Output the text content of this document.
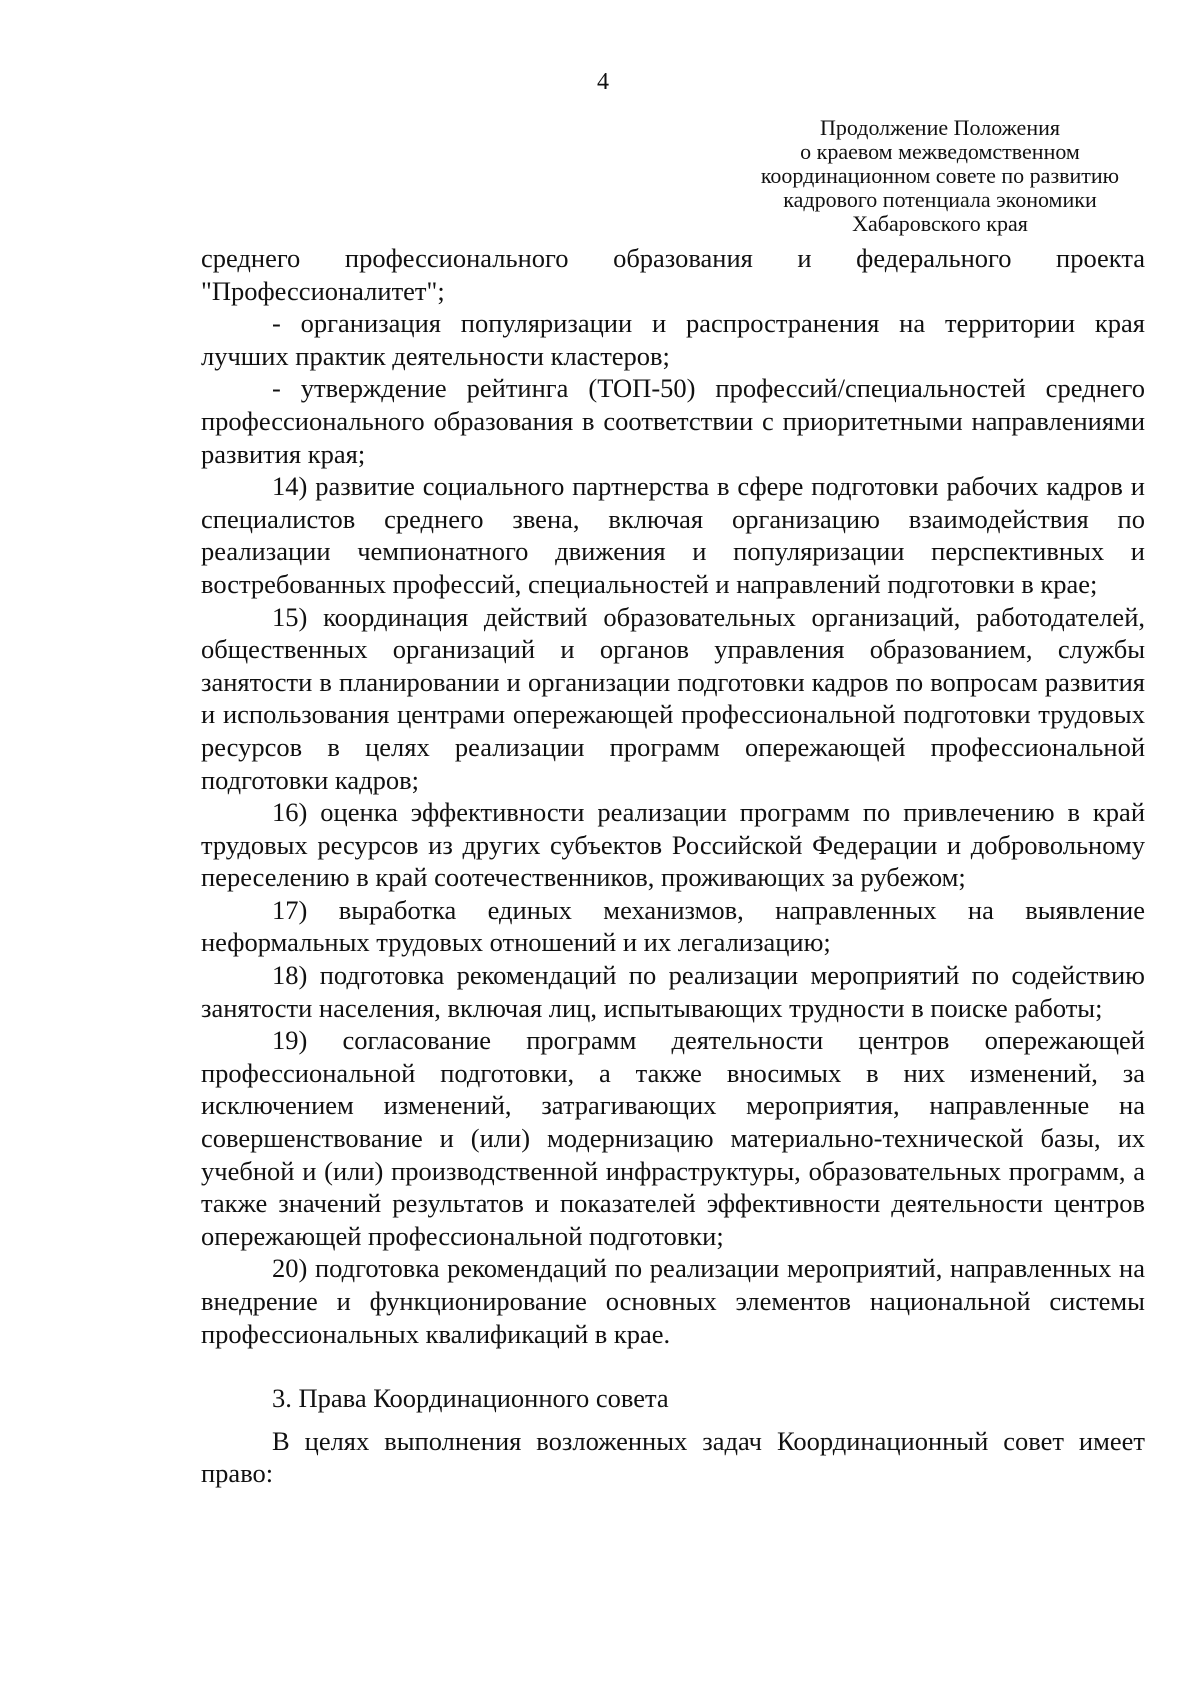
4
Продолжение Положения
о краевом межведомственном
координационном совете по развитию
кадрового потенциала экономики
Хабаровского края

среднего профессионального образования и федерального проекта "Профессионалитет";

- организация популяризации и распространения на территории края лучших практик деятельности кластеров;

- утверждение рейтинга (ТОП-50) профессий/специальностей среднего профессионального образования в соответствии с приоритетными направлениями развития края;

14) развитие социального партнерства в сфере подготовки рабочих кадров и специалистов среднего звена, включая организацию взаимодействия по реализации чемпионатного движения и популяризации перспективных и востребованных профессий, специальностей и направлений подготовки в крае;

15) координация действий образовательных организаций, работодателей, общественных организаций и органов управления образованием, службы занятости в планировании и организации подготовки кадров по вопросам развития и использования центрами опережающей профессиональной подготовки трудовых ресурсов в целях реализации программ опережающей профессиональной подготовки кадров;

16) оценка эффективности реализации программ по привлечению в край трудовых ресурсов из других субъектов Российской Федерации и добровольному переселению в край соотечественников, проживающих за рубежом;

17) выработка единых механизмов, направленных на выявление неформальных трудовых отношений и их легализацию;

18) подготовка рекомендаций по реализации мероприятий по содействию занятости населения, включая лиц, испытывающих трудности в поиске работы;

19) согласование программ деятельности центров опережающей профессиональной подготовки, а также вносимых в них изменений, за исключением изменений, затрагивающих мероприятия, направленные на совершенствование и (или) модернизацию материально-технической базы, их учебной и (или) производственной инфраструктуры, образовательных программ, а также значений результатов и показателей эффективности деятельности центров опережающей профессиональной подготовки;

20) подготовка рекомендаций по реализации мероприятий, направленных на внедрение и функционирование основных элементов национальной системы профессиональных квалификаций в крае.

3. Права Координационного совета

В целях выполнения возложенных задач Координационный совет имеет право:
